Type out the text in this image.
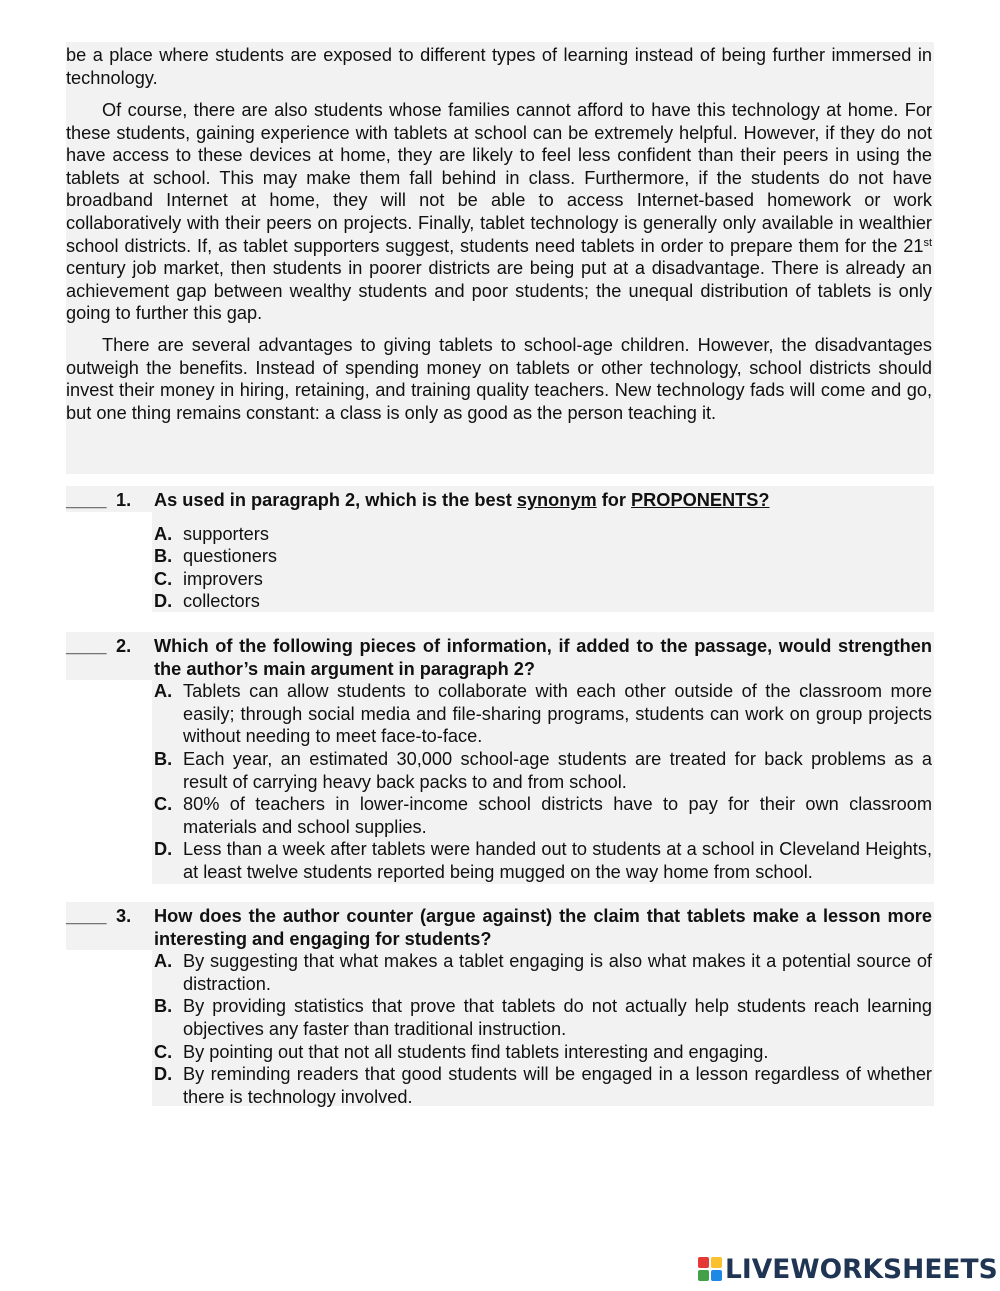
be a place where students are exposed to different types of learning instead of being further immersed in technology.

Of course, there are also students whose families cannot afford to have this technology at home. For these students, gaining experience with tablets at school can be extremely helpful. However, if they do not have access to these devices at home, they are likely to feel less confident than their peers in using the tablets at school. This may make them fall behind in class. Furthermore, if the students do not have broadband Internet at home, they will not be able to access Internet-based homework or work collaboratively with their peers on projects. Finally, tablet technology is generally only available in wealthier school districts. If, as tablet supporters suggest, students need tablets in order to prepare them for the 21st century job market, then students in poorer districts are being put at a disadvantage. There is already an achievement gap between wealthy students and poor students; the unequal distribution of tablets is only going to further this gap.

There are several advantages to giving tablets to school-age children. However, the disadvantages outweigh the benefits. Instead of spending money on tablets or other technology, school districts should invest their money in hiring, retaining, and training quality teachers. New technology fads will come and go, but one thing remains constant: a class is only as good as the person teaching it.

____ 1. As used in paragraph 2, which is the best synonym for PROPONENTS?
A. supporters
B. questioners
C. improvers
D. collectors
____ 2. Which of the following pieces of information, if added to the passage, would strengthen the author’s main argument in paragraph 2?
A. Tablets can allow students to collaborate with each other outside of the classroom more easily; through social media and file-sharing programs, students can work on group projects without needing to meet face-to-face.
B. Each year, an estimated 30,000 school-age students are treated for back problems as a result of carrying heavy back packs to and from school.
C. 80% of teachers in lower-income school districts have to pay for their own classroom materials and school supplies.
D. Less than a week after tablets were handed out to students at a school in Cleveland Heights, at least twelve students reported being mugged on the way home from school.
____ 3. How does the author counter (argue against) the claim that tablets make a lesson more interesting and engaging for students?
A. By suggesting that what makes a tablet engaging is also what makes it a potential source of distraction.
B. By providing statistics that prove that tablets do not actually help students reach learning objectives any faster than traditional instruction.
C. By pointing out that not all students find tablets interesting and engaging.
D. By reminding readers that good students will be engaged in a lesson regardless of whether there is technology involved.
LIVEWORKSHEETS
